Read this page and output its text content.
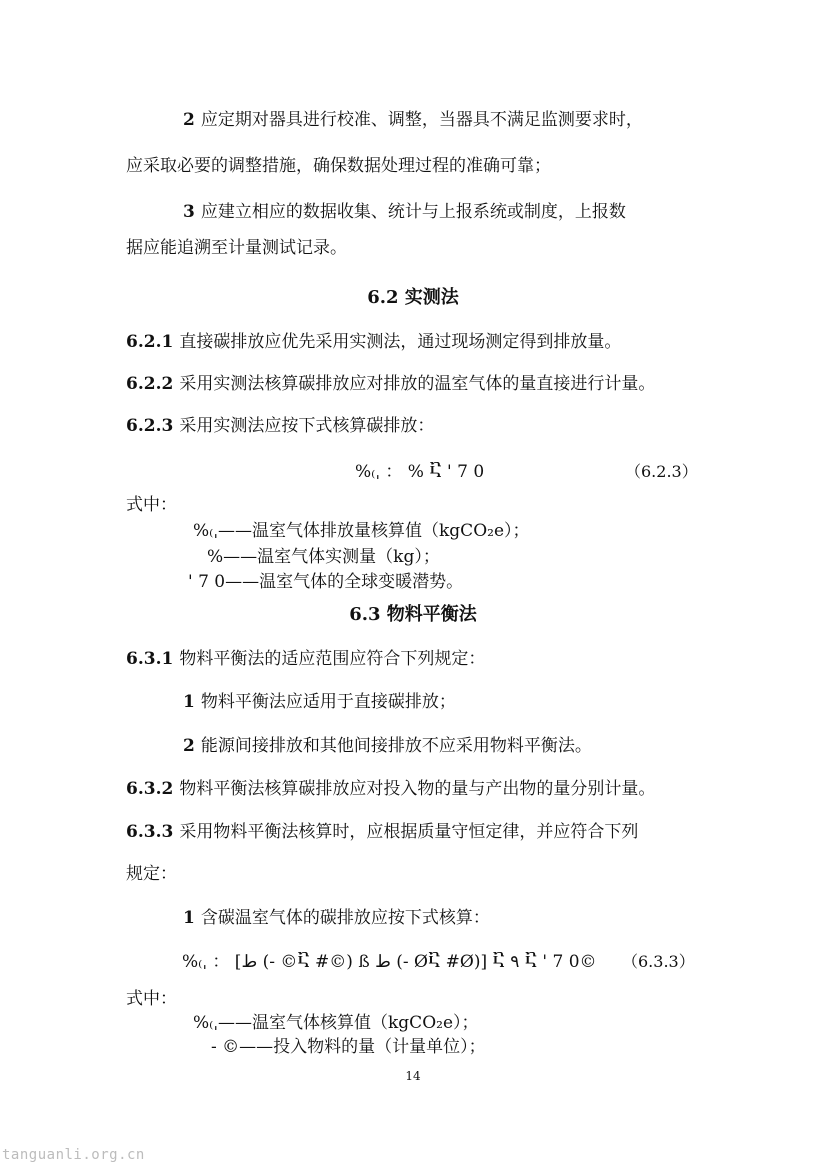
2 应定期对器具进行校准、调整，当器具不满足监测要求时，
应采取必要的调整措施，确保数据处理过程的准确可靠；
3 应建立相应的数据收集、统计与上报系统或制度，上报数
据应能追溯至计量测试记录。
6.2 实测法
6.2.1 直接碳排放应优先采用实测法，通过现场测定得到排放量。
6.2.2 采用实测法核算碳排放应对排放的温室气体的量直接进行计量。
6.2.3 采用实测法应按下式核算碳排放：
%₍ˌ ： % Ⴀ ' 7 0	（6.2.3）
式中：
%₍ˌ——温室气体排放量核算值（kgCO₂e）；
%——温室气体实测量（kg）；
' 7 0——温室气体的全球变暖潜势。
6.3 物料平衡法
6.3.1 物料平衡法的适应范围应符合下列规定：
1 物料平衡法应适用于直接碳排放；
2 能源间接排放和其他间接排放不应采用物料平衡法。
6.3.2 物料平衡法核算碳排放应对投入物的量与产出物的量分别计量。
6.3.3 采用物料平衡法核算时，应根据质量守恒定律，并应符合下列
规定：
1 含碳温室气体的碳排放应按下式核算：
%₍ˌ ： [ط (- ©Ⴀ #©) ß ط (- ØႠ #Ø)] Ⴀ ٩ Ⴀ ' 7 0© （6.3.3）
式中：
%₍ˌ——温室气体核算值（kgCO₂e）；
- ©——投入物料的量（计量单位）；
14
tanguanli.org.cn
